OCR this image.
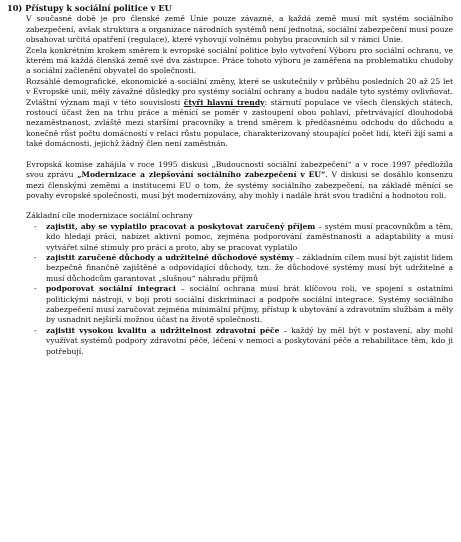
10) Přístupy k sociální politice v EU

V současné době je pro členské země Unie pouze závazné, a každá země musí mít systém sociálního zabezpečení, avšak struktura a organizace národních systémů není jednotná, sociální zabezpečení musí pouze obsahovat určitá opatření (regulace), které vyhovují volnému pohybu pracovních sil v rámci Unie.

Zcela konkrétním krokem směrem k evropské sociální politice bylo vytvoření Výboru pro sociální ochranu, ve kterém má každá členská země své dva zástupce. Práce tohoto výboru je zaměřena na problematiku chudoby a sociální začlenění obyvatel do společnosti.

Rozsáhlé demografické, ekonomické a sociální změny, které se uskutečnily v průběhu posledních 20 až 25 let v Evropské unii, měly závažné důsledky pro systémy sociální ochrany a budou nadále tyto systémy ovlivňovat. Zvláštní význam mají v této souvislosti čtyři hlavní trendy: stárnutí populace ve všech členských státech, rostoucí účast žen na trhu práce a měnící se poměr v zastoupení obou pohlaví, přetrvávající dlouhodobá nezaměstnanost, zvláště mezi staršími pracovníky a trend směrem k předčasnému odchodu do důchodu a konečně růst počtu domácností v relaci růstu populace, charakterizovaný stoupající počet lidí, kteří žijí sami a také domácnosti, jejichž žádný člen není zaměstnán.

Evropská komise zahájila v roce 1995 diskusi „Budoucnosti sociální zabezpečení“ a v roce 1997 předložila svou zprávu „Modernizace a zlepšování sociálního zabezpečení v EU“. V diskusi se dosáhlo konsenzu mezi členskými zeměmi a institucemi EU o tom, že systémy sociálního zabezpečení, na základě měnící se povahy evropské společnosti, musí být modernizovány, aby mohly i nadále hrát svou tradiční a hodnotou roli.

Základní cíle modernizace sociální ochrany

- zajistit, aby se vyplatilo pracovat a poskytovat zaručený příjem – systém musí pracovníkům a těm, kdo hledají práci, nabízet aktivní pomoc, zejména podporování zaměstnanosti a adaptability a musí vytvářet silné stimuly pro práci a proto, aby se pracovat vyplatilo
- zajistit zaručené důchody a udržitelné důchodové systémy – základním cílem musí být zajistit lidem bezpečně finančně zajištěné a odpovídající důchody, tzn. že důchodové systémy musí být udržitelné a musí důchodcům garantovat „slušnou“ náhradu příjmů
- podporovat sociální integraci – sociální ochrana musí hrát klíčovou roli, ve spojení s ostatními politickými nástroji, v boji proti sociální diskriminaci a podpoře sociální integrace. Systémy sociálního zabezpečení musí zaručovat zejména minimální příjmy, přístup k ubytování a zdravotním službám a měly by usnadnit nejširší možnou účast na životě společnosti.
- zajistit vysokou kvalitu a udržitelnost zdravotní péče – každý by měl být v postavení, aby mohl využívat systémů podpory zdravotní péče, léčení v nemoci a poskytování péče a rehabilitace těm, kdo ji potřebují.
